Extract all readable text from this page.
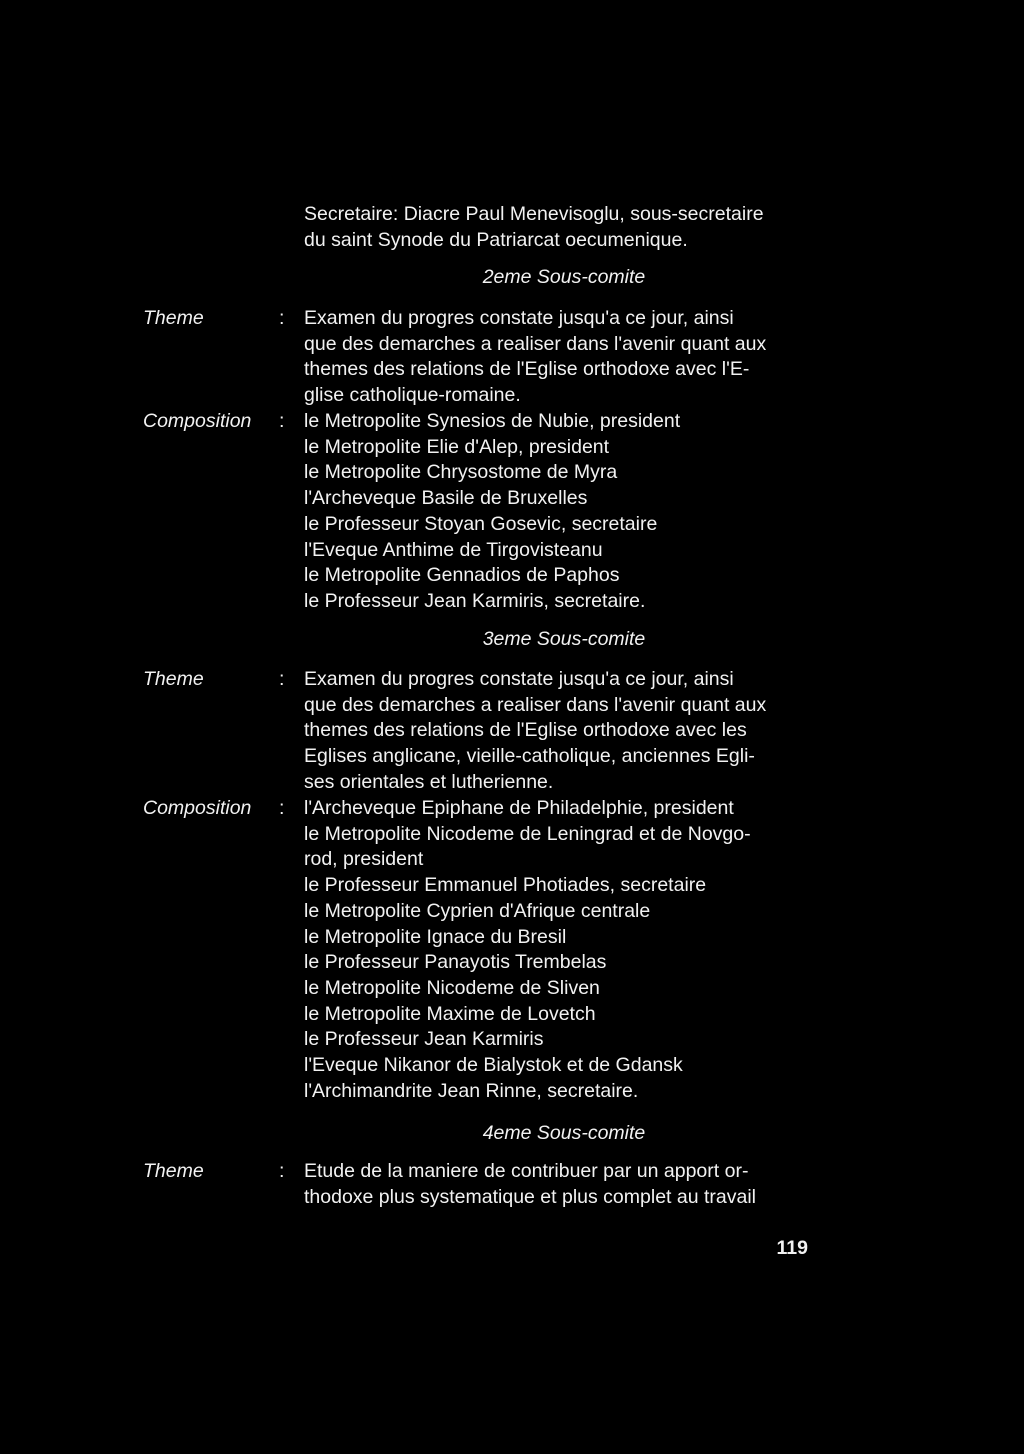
Secretaire: Diacre Paul Menevisoglu, sous-secretaire
du saint Synode du Patriarcat oecumenique.
2eme Sous-comite
Theme	: Examen du progres constate jusqu'a ce jour, ainsi
que des demarches a realiser dans l'avenir quant aux
themes des relations de l'Eglise orthodoxe avec l'E-
glise catholique-romaine.
Composition : le Metropolite Synesios de Nubie, president
le Metropolite Elie d'Alep, president
le Metropolite Chrysostome de Myra
l'Archeveque Basile de Bruxelles
le Professeur Stoyan Gosevic, secretaire
l'Eveque Anthime de Tirgovisteanu
le Metropolite Gennadios de Paphos
le Professeur Jean Karmiris, secretaire.
3eme Sous-comite
Theme	: Examen du progres constate jusqu'a ce jour, ainsi
que des demarches a realiser dans l'avenir quant aux
themes des relations de l'Eglise orthodoxe avec les
Eglises anglicane, vieille-catholique, anciennes Egli-
ses orientales et lutherienne.
Composition : l'Archeveque Epiphane de Philadelphie, president
le Metropolite Nicodeme de Leningrad et de Novgo-
rod, president
le Professeur Emmanuel Photiades, secretaire
le Metropolite Cyprien d'Afrique centrale
le Metropolite Ignace du Bresil
le Professeur Panayotis Trembelas
le Metropolite Nicodeme de Sliven
le Metropolite Maxime de Lovetch
le Professeur Jean Karmiris
l'Eveque Nikanor de Bialystok et de Gdansk
l'Archimandrite Jean Rinne, secretaire.
4eme Sous-comite
Theme	: Etude de la maniere de contribuer par un apport or-
thodoxe plus systematique et plus complet au travail
119
